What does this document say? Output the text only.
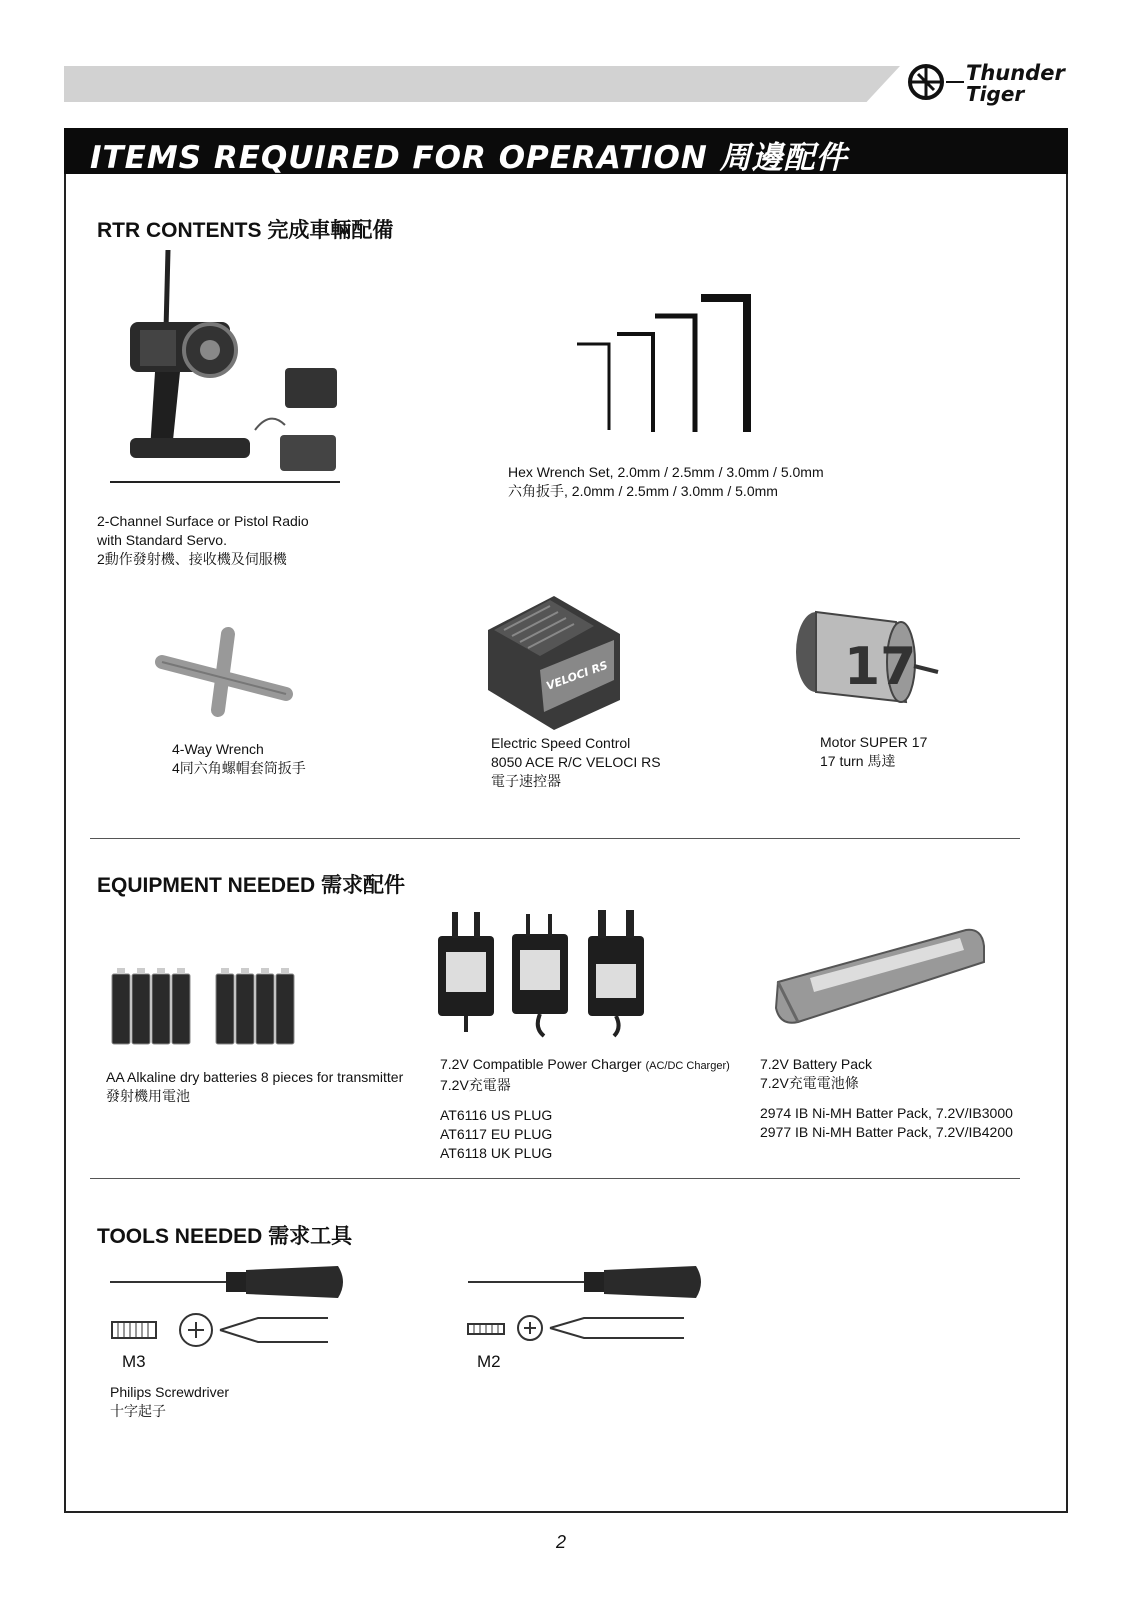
Thunder
Tiger
ITEMS REQUIRED FOR OPERATION 周邊配件
RTR CONTENTS 完成車輛配備
2-Channel Surface or Pistol Radio
with Standard Servo.
2動作發射機、接收機及伺服機
Hex Wrench Set, 2.0mm / 2.5mm / 3.0mm / 5.0mm
六角扳手, 2.0mm / 2.5mm / 3.0mm / 5.0mm
4-Way Wrench
4同六角螺帽套筒扳手
VELOCI RS
Electric Speed Control
8050 ACE R/C VELOCI RS
電子速控器
17
Motor SUPER 17
17 turn 馬達
EQUIPMENT NEEDED 需求配件
AA Alkaline dry batteries 8 pieces for transmitter
發射機用電池
7.2V Compatible Power Charger (AC/DC Charger)
7.2V充電器
AT6116 US PLUG
AT6117 EU PLUG
AT6118 UK PLUG
7.2V Battery Pack
7.2V充電電池條
2974 IB Ni-MH Batter Pack, 7.2V/IB3000
2977 IB Ni-MH Batter Pack, 7.2V/IB4200
TOOLS NEEDED 需求工具
M3	M2
Philips Screwdriver
十字起子
2
